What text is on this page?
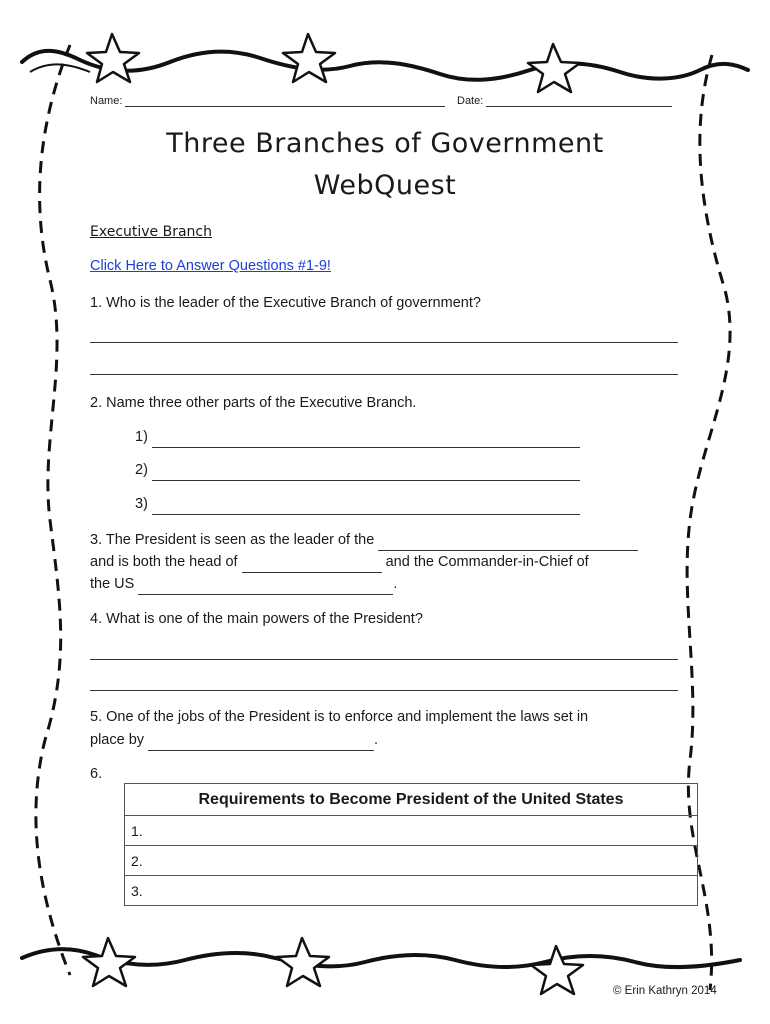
Name:	Date:
Three Branches of Government
WebQuest
Executive Branch
Click Here to Answer Questions #1-9!
1. Who is the leader of the Executive Branch of government?
2. Name three other parts of the Executive Branch.
1)
2)
3)
3. The President is seen as the leader of the
and is both the head of	and the Commander-in-Chief of
the US	.
4. What is one of the main powers of the President?
5. One of the jobs of the President is to enforce and implement the laws set in
place by	.
6.
Requirements to Become President of the United States
1.
2.
3.
© Erin Kathryn 2014
